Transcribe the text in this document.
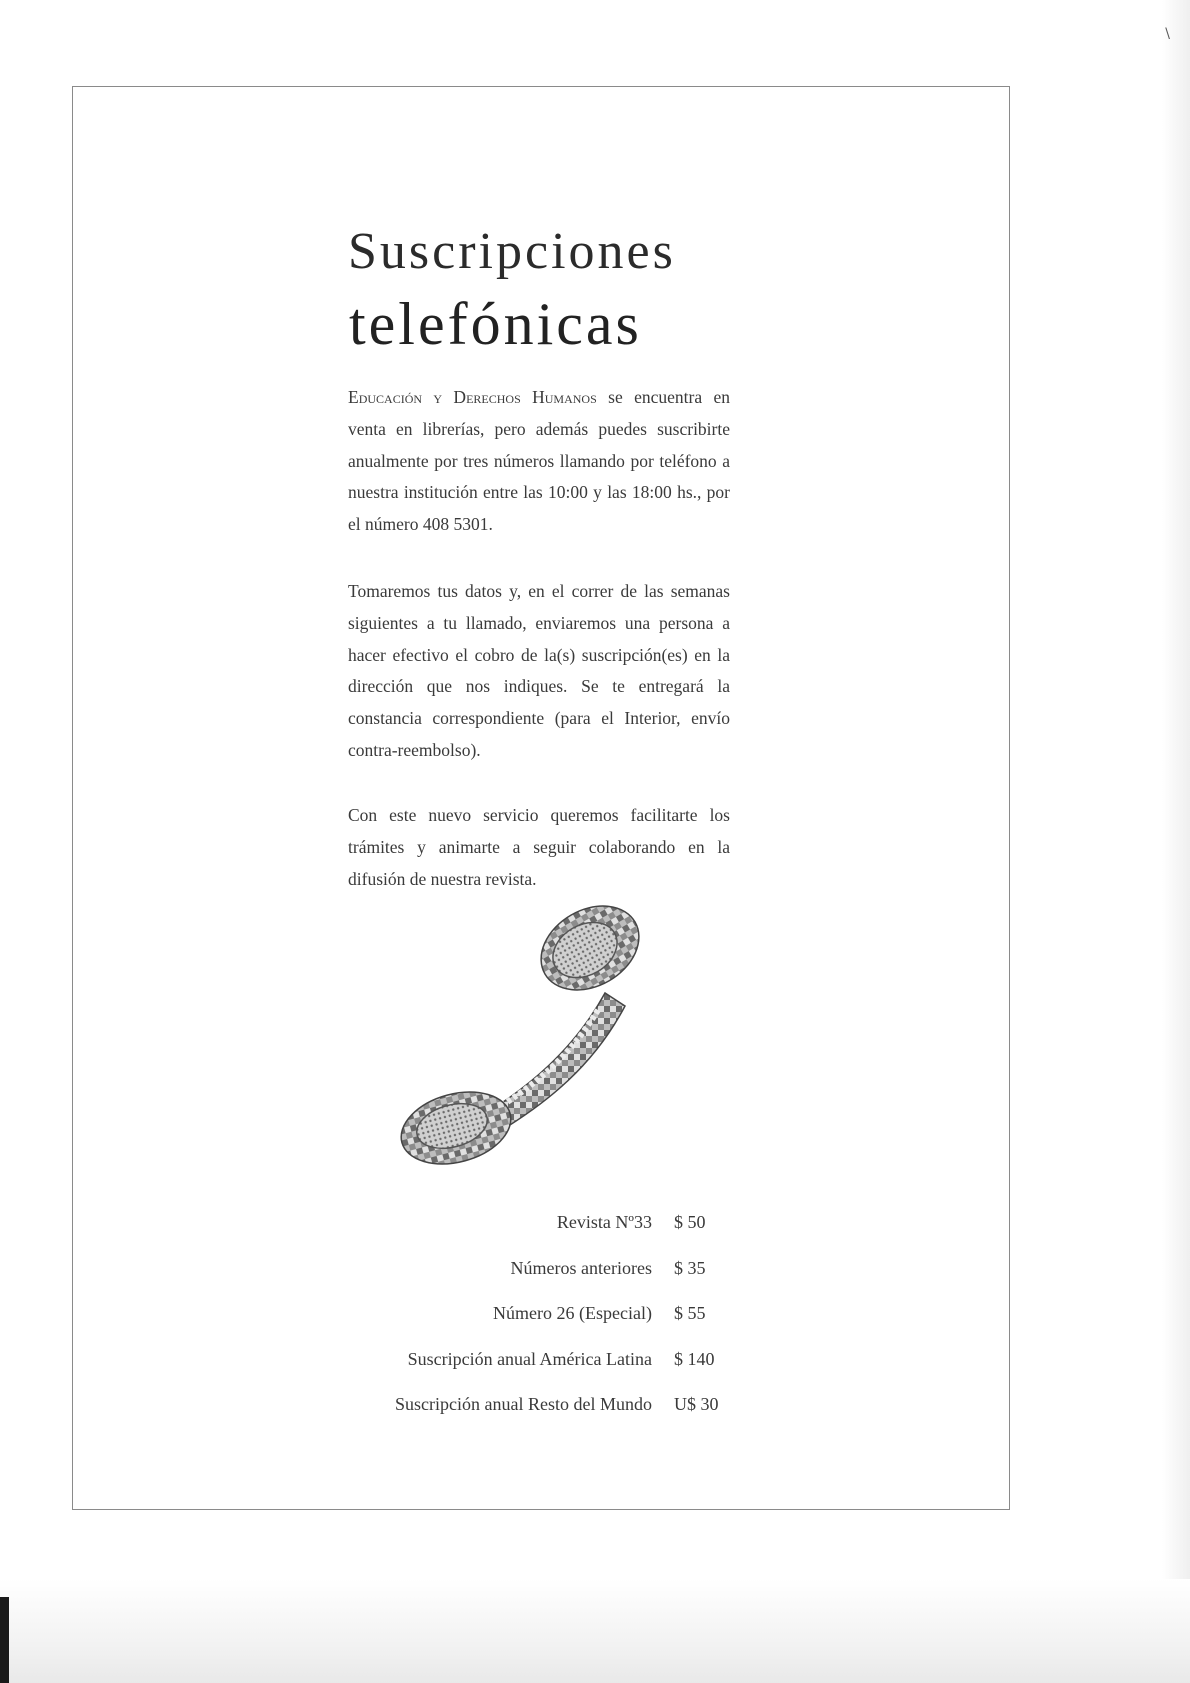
\
Suscripciones
telefónicas

Educación y Derechos Humanos se encuentra en venta en librerías, pero además puedes suscribirte anualmente por tres números llamando por teléfono a nuestra institución entre las 10:00 y las 18:00 hs., por el número 408 5301.

Tomaremos tus datos y, en el correr de las semanas siguientes a tu llamado, enviaremos una persona a hacer efectivo el cobro de la(s) suscripción(es) en la dirección que nos indiques. Se te entregará la constancia correspondiente (para el Interior, envío contra-reembolso).

Con este nuevo servicio queremos facilitarte los trámites y animarte a seguir colaborando en la difusión de nuestra revista.

Revista Nº33 $ 50
Números anteriores $ 35
Número 26 (Especial) $ 55
Suscripción anual América Latina $ 140
Suscripción anual Resto del Mundo U$ 30
